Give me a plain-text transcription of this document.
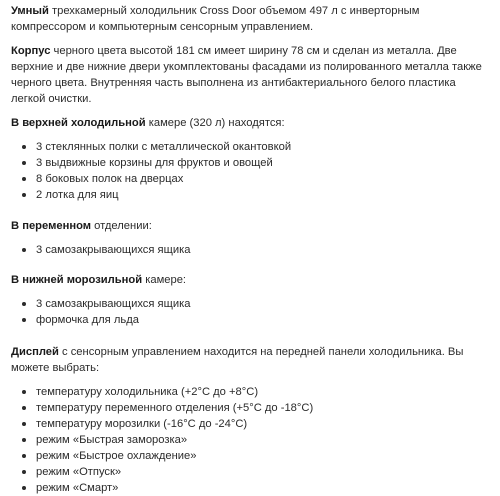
Умный трехкамерный холодильник Cross Door объемом 497 л с инверторным компрессором и компьютерным сенсорным управлением.

Корпус черного цвета высотой 181 см имеет ширину 78 см и сделан из металла. Две верхние и две нижние двери укомплектованы фасадами из полированного металла также черного цвета. Внутренняя часть выполнена из антибактериального белого пластика легкой очистки.

В верхней холодильной камере (320 л) находятся:

3 стеклянных полки с металлической окантовкой
3 выдвижные корзины для фруктов и овощей
8 боковых полок на дверцах
2 лотка для яиц

В переменном отделении:

3 самозакрывающихся ящика

В нижней морозильной камере:

3 самозакрывающихся ящика
формочка для льда

Дисплей с сенсорным управлением находится на передней панели холодильника. Вы можете выбрать:

температуру холодильника (+2°C до +8°C)
температуру переменного отделения (+5°C до -18°C)
температуру морозилки (-16°C до -24°C)
режим «Быстрая заморозка»
режим «Быстрое охлаждение»
режим «Отпуск»
режим «Смарт»
